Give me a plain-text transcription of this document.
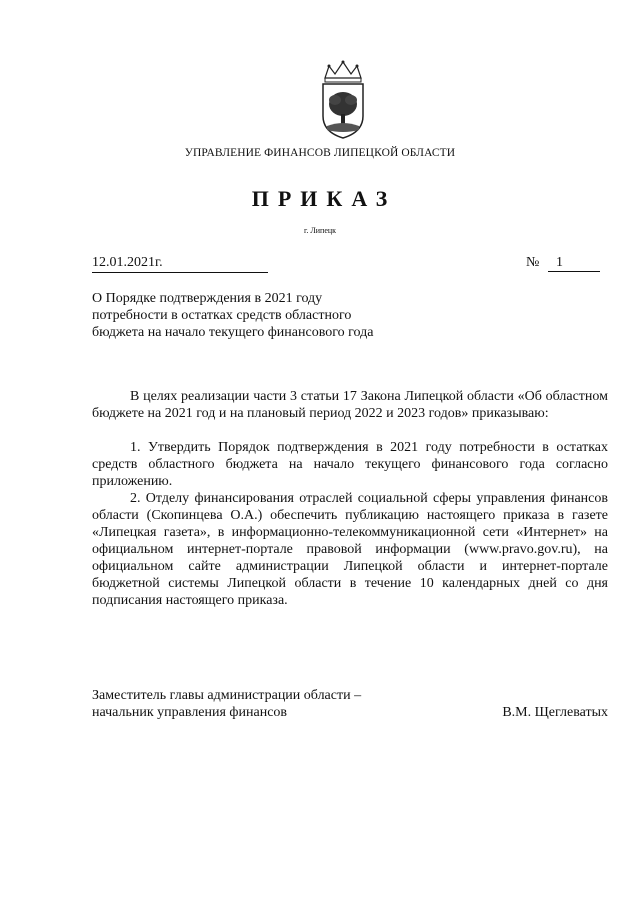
УПРАВЛЕНИЕ ФИНАНСОВ ЛИПЕЦКОЙ ОБЛАСТИ
ПРИКАЗ
г. Липецк
12.01.2021г.	№	1
О Порядке подтверждения в 2021 году потребности в остатках средств областного бюджета на начало текущего финансового года

В целях реализации части 3 статьи 17 Закона Липецкой области «Об областном бюджете на 2021 год и на плановый период 2022 и 2023 годов» приказываю:

1. Утвердить Порядок подтверждения в 2021 году потребности в остатках средств областного бюджета на начало текущего финансового года согласно приложению.

2. Отделу финансирования отраслей социальной сферы управления финансов области (Скопинцева О.А.) обеспечить публикацию настоящего приказа в газете «Липецкая газета», в информационно-телекоммуникационной сети «Интернет» на официальном интернет-портале правовой информации (www.pravo.gov.ru), на официальном сайте администрации Липецкой области и интернет-портале бюджетной системы Липецкой области в течение 10 календарных дней со дня подписания настоящего приказа.

Заместитель главы администрации области –
начальник управления финансов	В.М. Щеглеватых
